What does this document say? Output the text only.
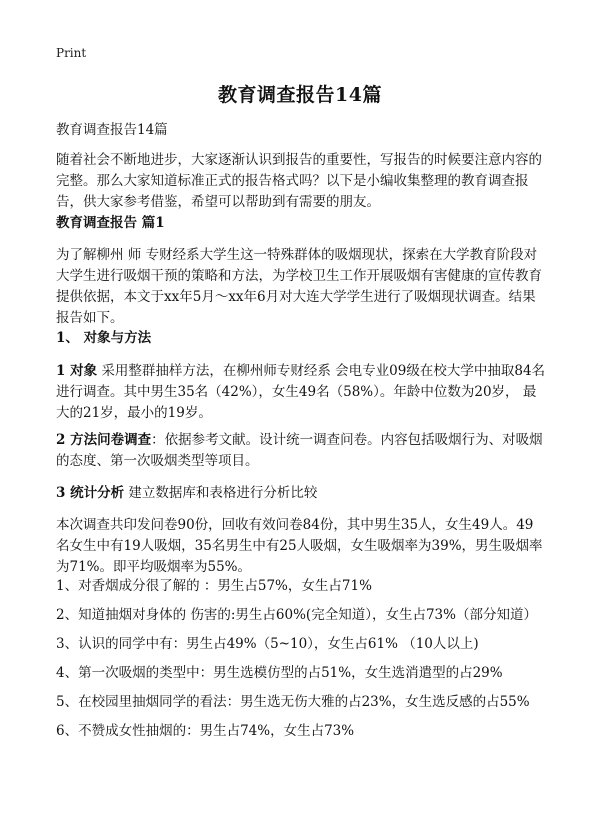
Print
教育调查报告14篇
教育调查报告14篇

随着社会不断地进步，大家逐渐认识到报告的重要性，写报告的时候要注意内容的完整。那么大家知道标准正式的报告格式吗？以下是小编收集整理的教育调查报告，供大家参考借鉴，希望可以帮助到有需要的朋友。

教育调查报告 篇1

为了解柳州 师 专财经系大学生这一特殊群体的吸烟现状，探索在大学教育阶段对大学生进行吸烟干预的策略和方法，为学校卫生工作开展吸烟有害健康的宣传教育提供依据，本文于xx年5月～xx年6月对大连大学学生进行了吸烟现状调查。结果报告如下。

1、 对象与方法

1 对象 采用整群抽样方法，在柳州师专财经系 会电专业09级在校大学中抽取84名进行调查。其中男生35名（42%），女生49名（58%）。年龄中位数为20岁， 最大的21岁，最小的19岁。

2 方法问卷调查：依据参考文献。设计统一调查问卷。内容包括吸烟行为、对吸烟的态度、第一次吸烟类型等项目。

3 统计分析 建立数据库和表格进行分析比较

本次调查共印发问卷90份，回收有效问卷84份，其中男生35人，女生49人。49名女生中有19人吸烟，35名男生中有25人吸烟，女生吸烟率为39%，男生吸烟率为71%。即平均吸烟率为55%。

1、对香烟成分很了解的 ：男生占57%，女生占71%
2、知道抽烟对身体的 伤害的:男生占60%(完全知道），女生占73%（部分知道）
3、认识的同学中有：男生占49%（5~10），女生占61% （10人以上)
4、第一次吸烟的类型中：男生选模仿型的占51%，女生选消遣型的占29%
5、在校园里抽烟同学的看法：男生选无伤大雅的占23%，女生选反感的占55%
6、不赞成女性抽烟的：男生占74%，女生占73%
